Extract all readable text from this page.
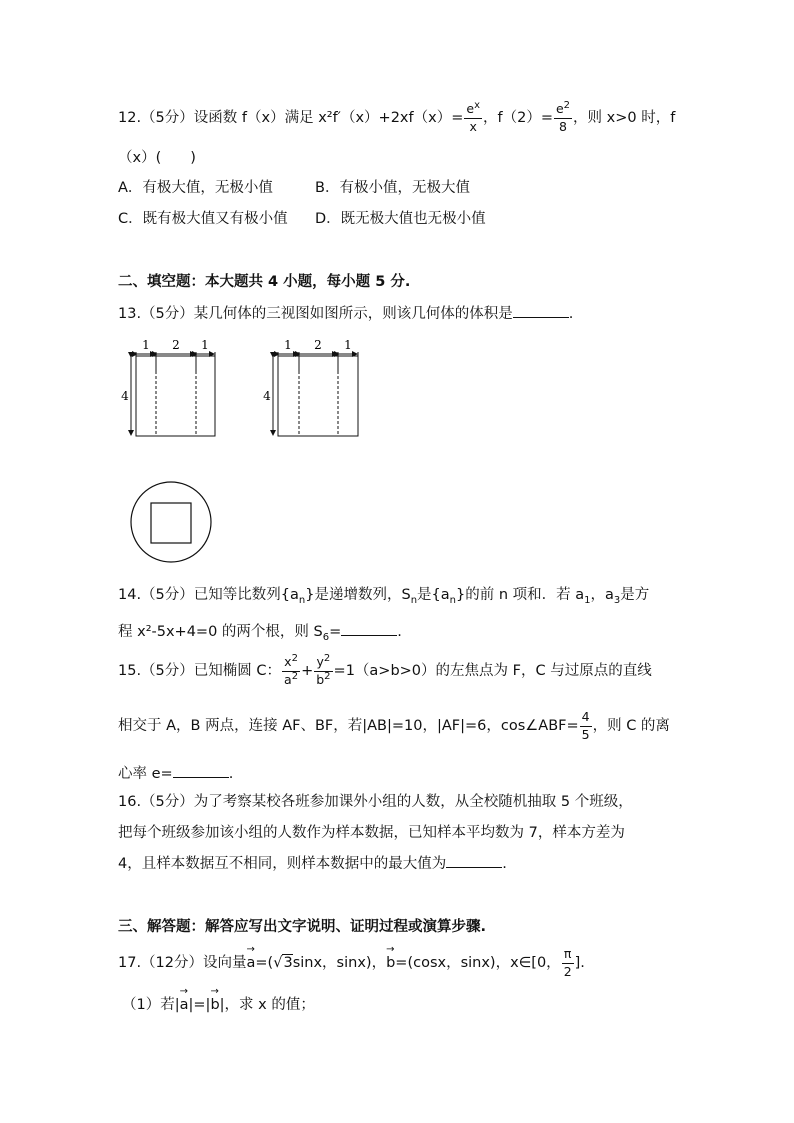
12.（5分）设函数 f（x）满足 $x^2f'(x)+2xf(x)= \frac{e^x}{x}$ ，$f(2)= \frac{e^2}{8}$ ，则 x>0 时，f
（x）(　　)
A．有极大值，无极小值	B．有极小值，无极大值
C．既有极大值又有极小值 D．既无极大值也无极小值
二、填空题：本大题共 4 小题，每小题 5 分.
13.（5分）某几何体的三视图如图所示，则该几何体的体积是	.
1 2 1
4
1 2 1
4
14.（5分）已知等比数列$\{a_n\}$是递增数列，$S_n$是$\{a_n\}$的前 n 项和．若 $a_1$，$a_3$是方
程 x²-5x+4=0 的两个根，则 $S_6=$	.
15.（5分）已知椭圆 C： $\frac{x^2}{a^2} + \frac{y^2}{b^2} =1(a>b>0)$的左焦点为 F，C 与过原点的直线
相交于 A，B 两点，连接 AF、BF，若|AB|=10，|AF|=6，cos∠ABF= $\frac{4}{5}$ ，则 C 的离
心率 e=	.
16.（5分）为了考察某校各班参加课外小组的人数，从全校随机抽取 5 个班级，
把每个班级参加该小组的人数作为样本数据，已知样本平均数为 7，样本方差为
4，且样本数据互不相同，则样本数据中的最大值为	.
三、解答题：解答应写出文字说明、证明过程或演算步骤.
17.（12分）设向量→ a=(√3sinx，sinx)，→ b=(cosx，sinx)，x∈[0， $\frac{\pi}{2}$ ].
（1）若|→ a|=|→ b|，求 x 的值；
